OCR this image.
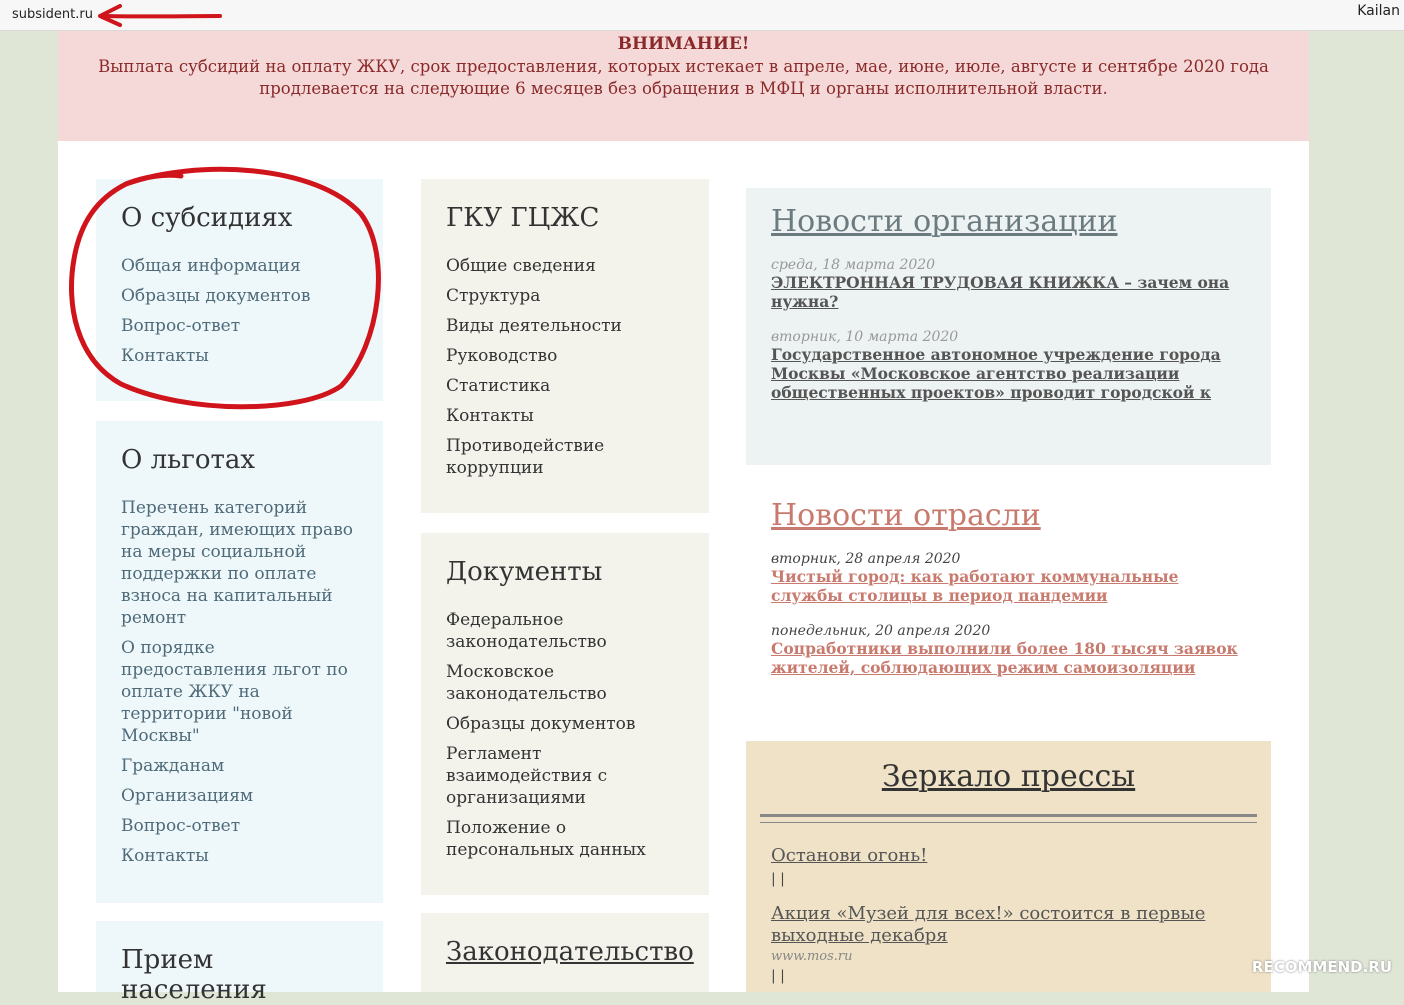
subsident.ru	Kailan
ВНИМАНИЕ!
Выплата субсидий на оплату ЖКУ, срок предоставления, которых истекает в апреле, мае, июне, июле, августе и сентябре 2020 года продлевается на следующие 6 месяцев без обращения в МФЦ и органы исполнительной власти.
О субсидиях
Общая информация
Образцы документов
Вопрос-ответ
Контакты
О льготах
Перечень категорий граждан, имеющих право на меры социальной поддержки по оплате взноса на капитальный ремонт
О порядке предоставления льгот по оплате ЖКУ на территории "новой Москвы"
Гражданам
Организациям
Вопрос-ответ
Контакты
Прием населения
ГКУ ГЦЖС
Общие сведения
Структура
Виды деятельности
Руководство
Статистика
Контакты
Противодействие коррупции
Документы
Федеральное законодательство
Московское законодательство
Образцы документов
Регламент взаимодействия с организациями
Положение о персональных данных
Законодательство
Новости организации
среда, 18 марта 2020
ЭЛЕКТРОННАЯ ТРУДОВАЯ КНИЖКА – зачем она нужна?
вторник, 10 марта 2020
Государственное автономное учреждение города Москвы «Московское агентство реализации общественных проектов» проводит городской к
Новости отрасли
вторник, 28 апреля 2020
Чистый город: как работают коммунальные службы столицы в период пандемии
понедельник, 20 апреля 2020
Соцработники выполнили более 180 тысяч заявок жителей, соблюдающих режим самоизоляции
Зеркало прессы
Останови огонь!
| |
Акция «Музей для всех!» состоится в первые выходные декабря
www.mos.ru
| |	RECOMMEND.RU
